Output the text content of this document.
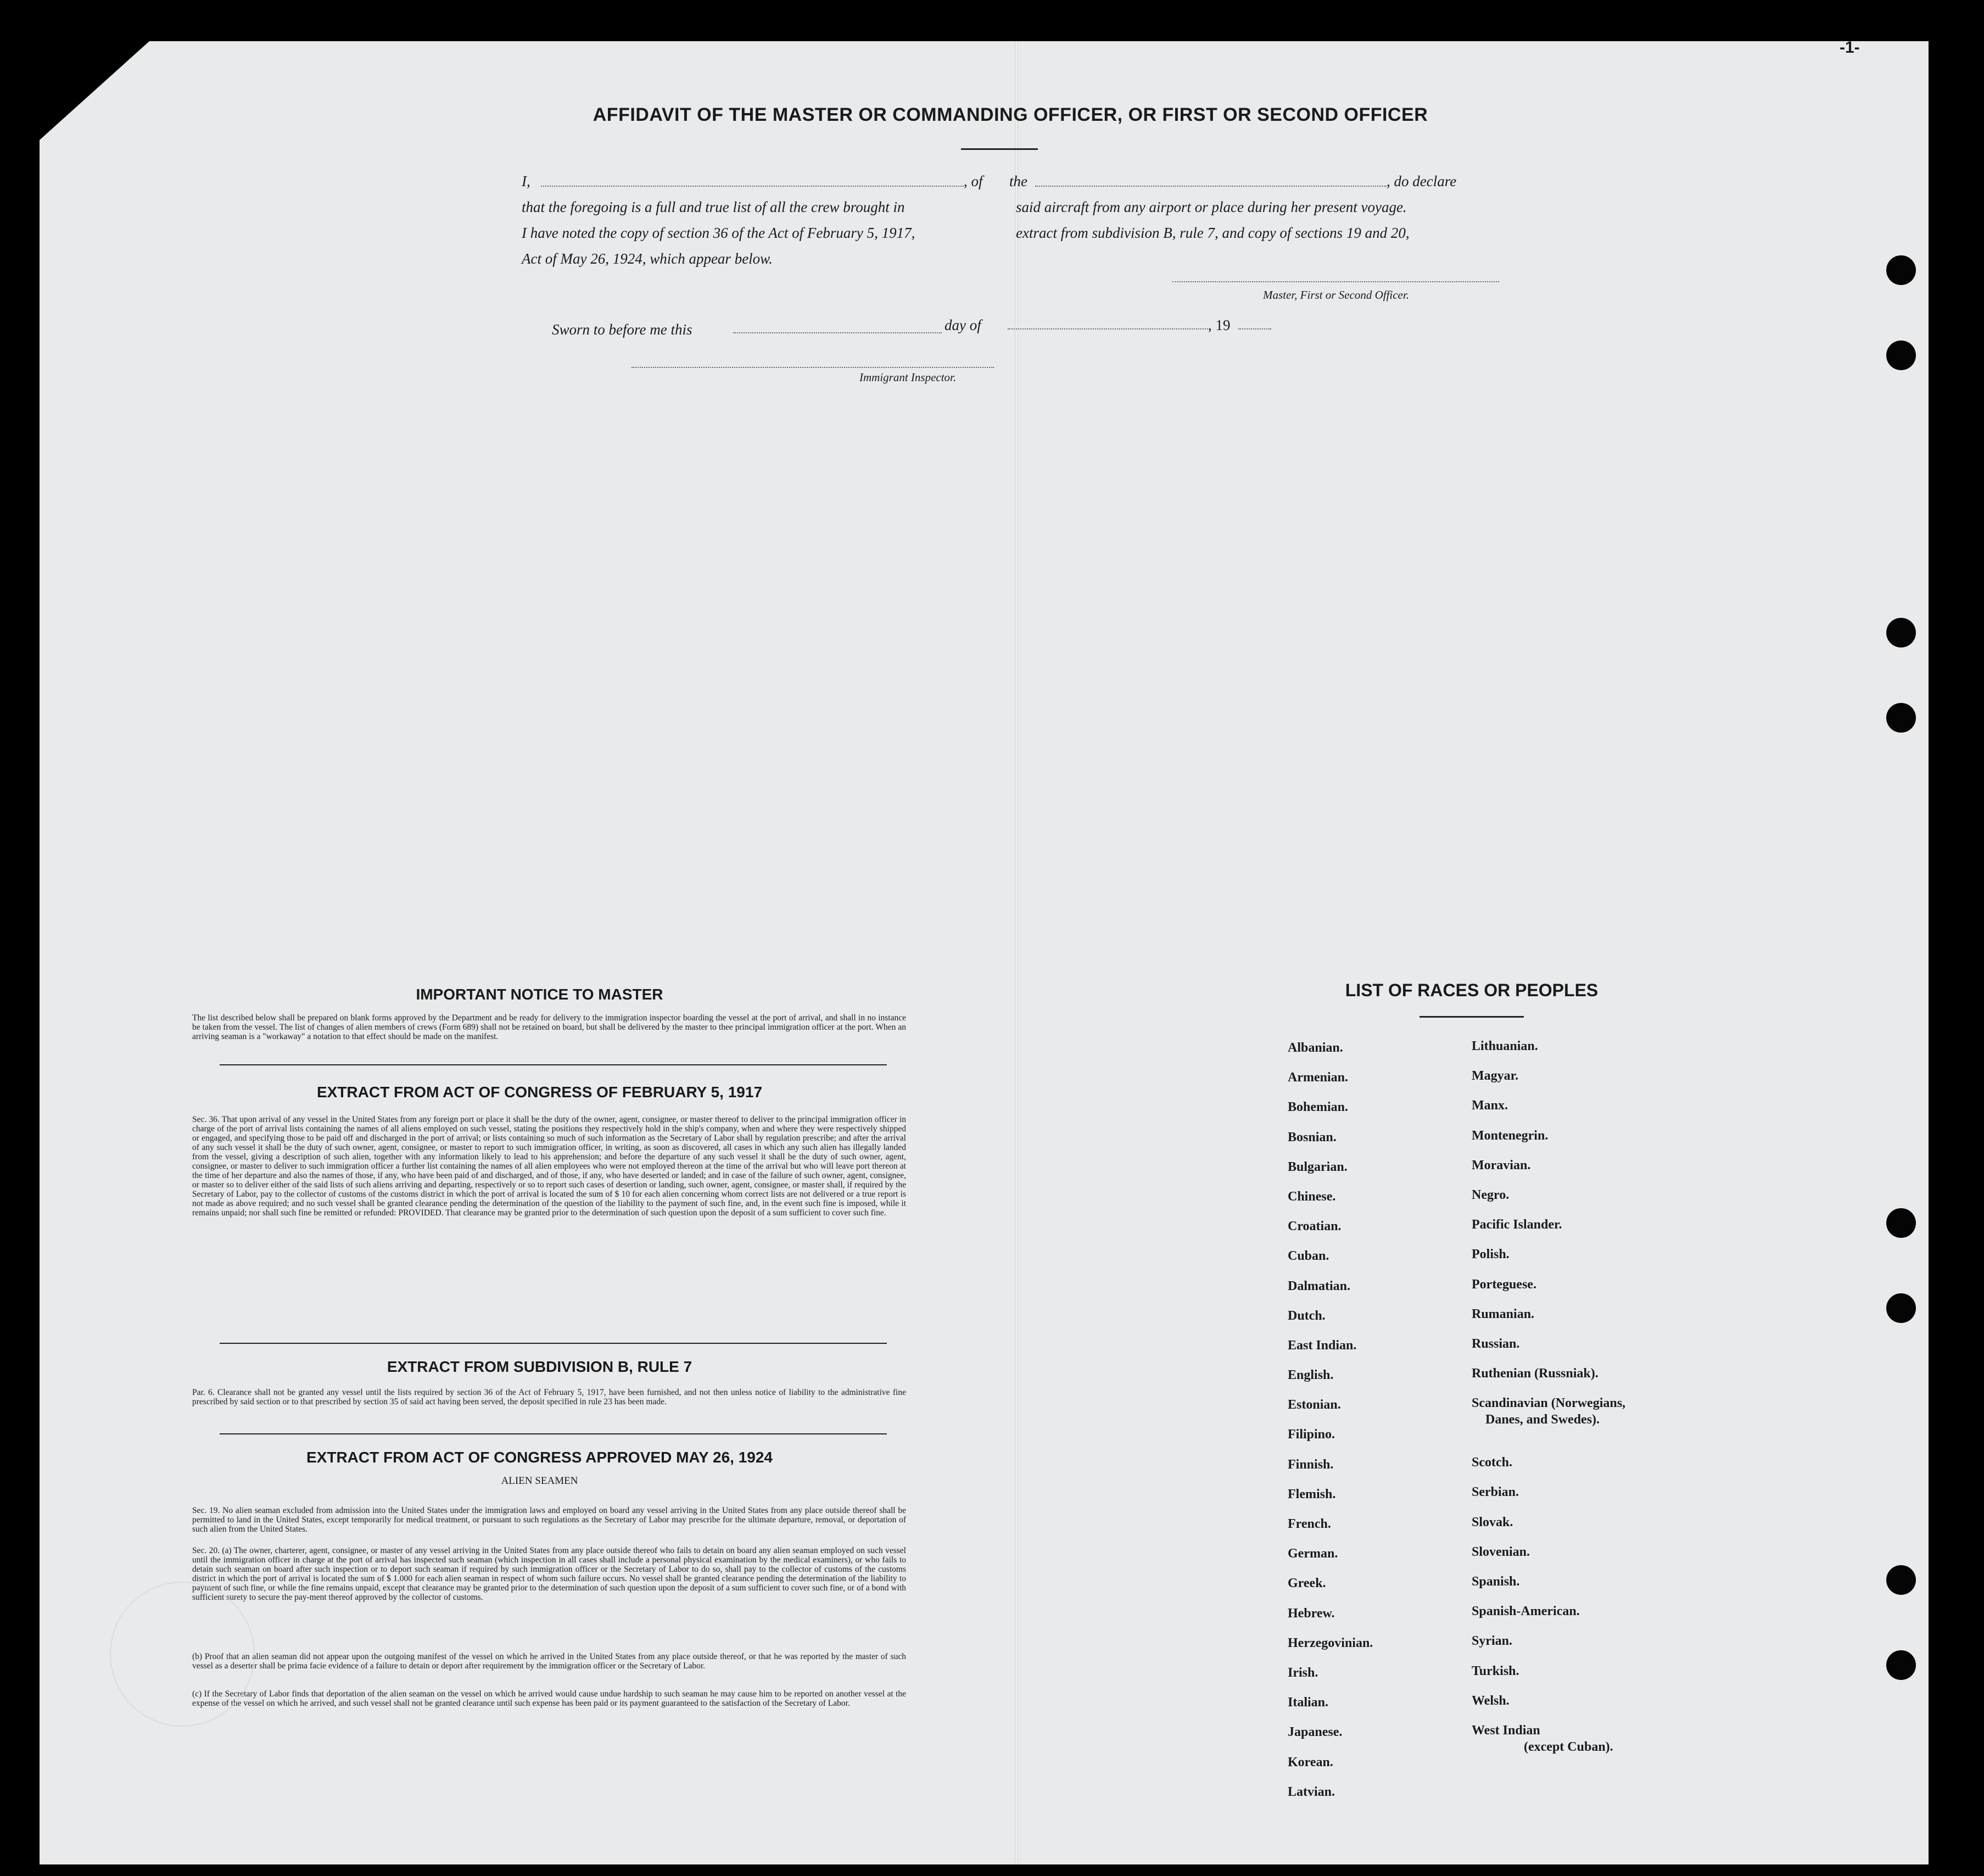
-1-
AFFIDAVIT OF THE MASTER OR COMMANDING OFFICER, OR FIRST OR SECOND OFFICER
I,	, of the	, do declare
that the foregoing is a full and true list of all the crew brought in	said aircraft from any airport or place during her present voyage.
I have noted the copy of section 36 of the Act of February 5, 1917,	extract from subdivision B, rule 7, and copy of sections 19 and 20,
Act of May 26, 1924, which appear below.
Master, First or Second Officer.
Sworn to before me this	day of	, 19
Immigrant Inspector.
IMPORTANT NOTICE TO MASTER
The list described below shall be prepared on blank forms approved by the Department and be ready for delivery to the immigration inspector boarding the vessel at the port of arrival, and shall in no instance be taken from the vessel. The list of changes of alien members of crews (Form 689) shall not be retained on board, but shall be delivered by the master to thee principal immigration officer at the port. When an arriving seaman is a "workaway" a notation to that effect should be made on the manifest.
EXTRACT FROM ACT OF CONGRESS OF FEBRUARY 5, 1917
Sec. 36. That upon arrival of any vessel in the United States from any foreign port or place it shall be the duty of the owner, agent, consignee, or master thereof to deliver to the principal immigration officer in charge of the port of arrival lists containing the names of all aliens employed on such vessel, stating the positions they respectively hold in the ship's company, when and where they were respectively shipped or engaged, and specifying those to be paid off and discharged in the port of arrival; or lists containing so much of such information as the Secretary of Labor shall by regulation prescribe; and after the arrival of any such vessel it shall be the duty of such owner, agent, consignee, or master to report to such immigration officer, in writing, as soon as discovered, all cases in which any such alien has illegally landed from the vessel, giving a description of such alien, together with any information likely to lead to his apprehension; and before the departure of any such vessel it shall be the duty of such owner, agent, consignee, or master to deliver to such immigration officer a further list containing the names of all alien employees who were not employed thereon at the time of the arrival but who will leave port thereon at the time of her departure and also the names of those, if any, who have been paid of and discharged, and of those, if any, who have deserted or landed; and in case of the failure of such owner, agent, consignee, or master so to deliver either of the said lists of such aliens arriving and departing, respectively or so to report such cases of desertion or landing, such owner, agent, consignee, or master shall, if required by the Secretary of Labor, pay to the collector of customs of the customs district in which the port of arrival is located the sum of $ 10 for each alien concerning whom correct lists are not delivered or a true report is not made as above required; and no such vessel shall be granted clearance pending the determination of the question of the liability to the payment of such fine, and, in the event such fine is imposed, while it remains unpaid; nor shall such fine be remitted or refunded: PROVIDED. That clearance may be granted prior to the determination of such question upon the deposit of a sum sufficient to cover such fine.
EXTRACT FROM SUBDIVISION B, RULE 7
Par. 6. Clearance shall not be granted any vessel until the lists required by section 36 of the Act of February 5, 1917, have been furnished, and not then unless notice of liability to the administrative fine prescribed by said section or to that prescribed by section 35 of said act having been served, the deposit specified in rule 23 has been made.
EXTRACT FROM ACT OF CONGRESS APPROVED MAY 26, 1924
ALIEN SEAMEN
Sec. 19. No alien seaman excluded from admission into the United States under the immigration laws and employed on board any vessel arriving in the United States from any place outside thereof shall be permitted to land in the United States, except temporarily for medical treatment, or pursuant to such regulations as the Secretary of Labor may prescribe for the ultimate departure, removal, or deportation of such alien from the United States.
Sec. 20. (a) The owner, charterer, agent, consignee, or master of any vessel arriving in the United States from any place outside thereof who fails to detain on board any alien seaman employed on such vessel until the immigration officer in charge at the port of arrival has inspected such seaman (which inspection in all cases shall include a personal physical examination by the medical examiners), or who fails to detain such seaman on board after such inspection or to deport such seaman if required by such immigration officer or the Secretary of Labor to do so, shall pay to the collector of customs of the customs district in which the port of arrival is located the sum of $ 1.000 for each alien seaman in respect of whom such failure occurs. No vessel shall be granted clearance pending the determination of the liability to payment of such fine, or while the fine remains unpaid, except that clearance may be granted prior to the determination of such question upon the deposit of a sum sufficient to cover such fine, or of a bond with sufficient surety to secure the pay-ment thereof approved by the collector of customs.
(b) Proof that an alien seaman did not appear upon the outgoing manifest of the vessel on which he arrived in the United States from any place outside thereof, or that he was reported by the master of such vessel as a deserter shall be prima facie evidence of a failure to detain or deport after requirement by the immigration officer or the Secretary of Labor.
(c) If the Secretary of Labor finds that deportation of the alien seaman on the vessel on which he arrived would cause undue hardship to such seaman he may cause him to be reported on another vessel at the expense of the vessel on which he arrived, and such vessel shall not be granted clearance until such expense has been paid or its payment guaranteed to the satisfaction of the Secretary of Labor.
LIST OF RACES OR PEOPLES
Albanian.
Armenian.
Bohemian.
Bosnian.
Bulgarian.
Chinese.
Croatian.
Cuban.
Dalmatian.
Dutch.
East Indian.
English.
Estonian.
Filipino.
Finnish.
Flemish.
French.
German.
Greek.
Hebrew.
Herzegovinian.
Irish.
Italian.
Japanese.
Korean.
Latvian.
Lithuanian.
Magyar.
Manx.
Montenegrin.
Moravian.
Negro.
Pacific Islander.
Polish.
Porteguese.
Rumanian.
Russian.
Ruthenian (Russniak).
Scandinavian (Norwegians,
Danes, and Swedes).
Scotch.
Serbian.
Slovak.
Slovenian.
Spanish.
Spanish-American.
Syrian.
Turkish.
Welsh.
West Indian
(except Cuban).
